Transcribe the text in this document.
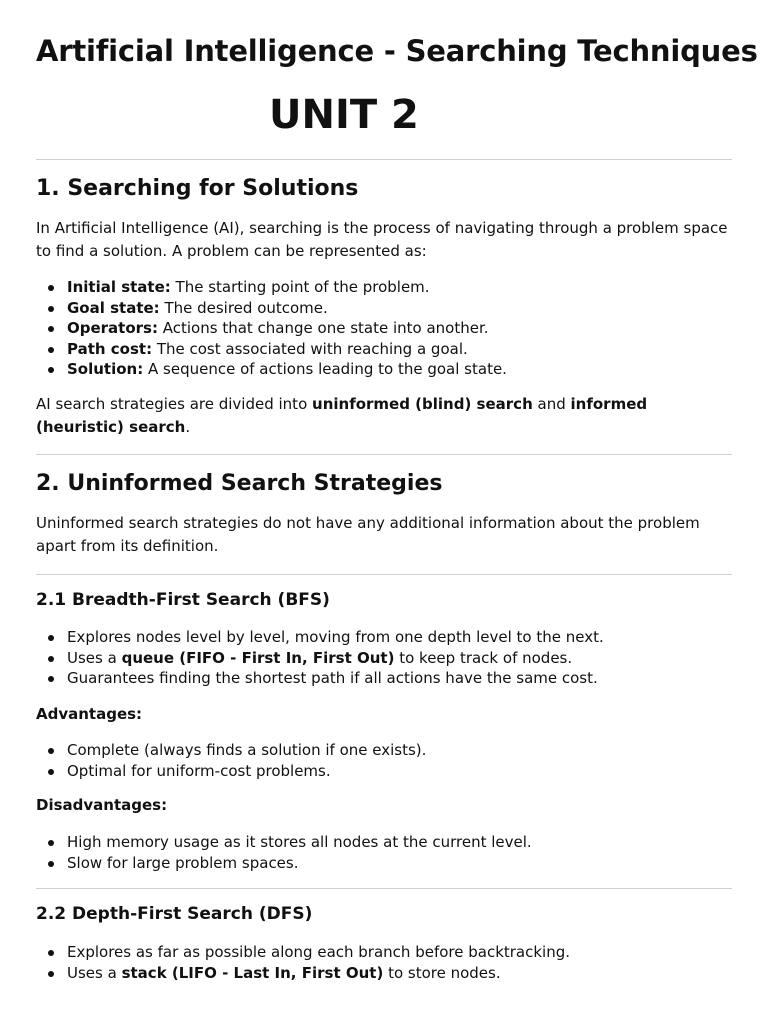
Artificial Intelligence - Searching Techniques
UNIT 2
1. Searching for Solutions

In Artificial Intelligence (AI), searching is the process of navigating through a problem space to find a solution. A problem can be represented as:

Initial state: The starting point of the problem.
Goal state: The desired outcome.
Operators: Actions that change one state into another.
Path cost: The cost associated with reaching a goal.
Solution: A sequence of actions leading to the goal state.

AI search strategies are divided into uninformed (blind) search and informed (heuristic) search.

2. Uninformed Search Strategies

Uninformed search strategies do not have any additional information about the problem apart from its definition.

2.1 Breadth-First Search (BFS)
Explores nodes level by level, moving from one depth level to the next.
Uses a queue (FIFO - First In, First Out) to keep track of nodes.
Guarantees finding the shortest path if all actions have the same cost.

Advantages:

Complete (always finds a solution if one exists).
Optimal for uniform-cost problems.

Disadvantages:

High memory usage as it stores all nodes at the current level.
Slow for large problem spaces.
2.2 Depth-First Search (DFS)
Explores as far as possible along each branch before backtracking.
Uses a stack (LIFO - Last In, First Out) to store nodes.
